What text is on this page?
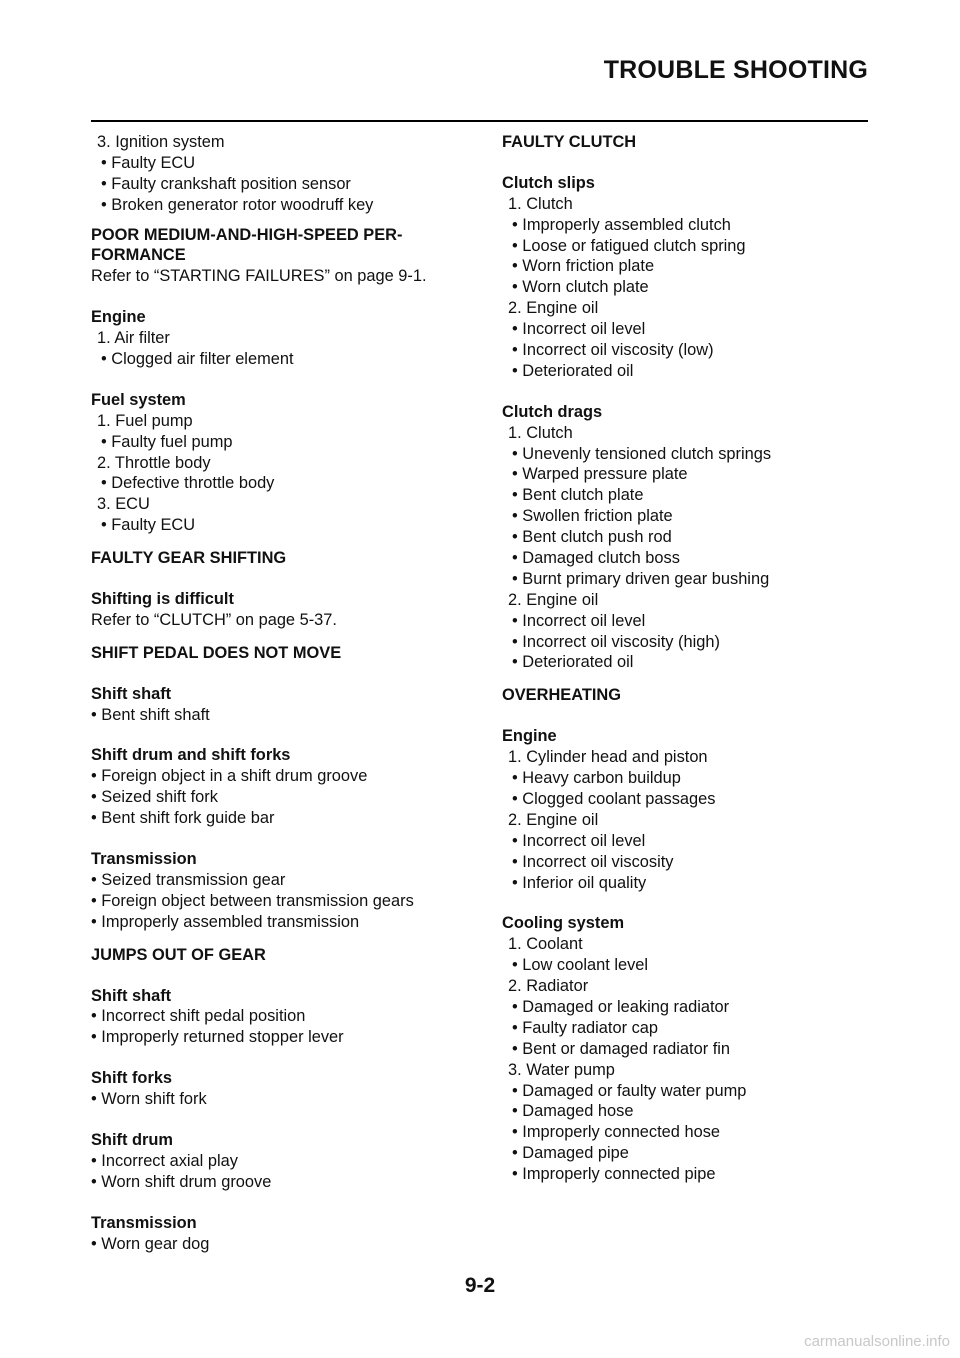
TROUBLE SHOOTING
3. Ignition system
• Faulty ECU
• Faulty crankshaft position sensor
• Broken generator rotor woodruff key
POOR MEDIUM-AND-HIGH-SPEED PER-
FORMANCE
Refer to “STARTING FAILURES” on page 9-1.
Engine
1. Air filter
• Clogged air filter element
Fuel system
1. Fuel pump
• Faulty fuel pump
2. Throttle body
• Defective throttle body
3. ECU
• Faulty ECU
FAULTY GEAR SHIFTING
Shifting is difficult
Refer to “CLUTCH” on page 5-37.
SHIFT PEDAL DOES NOT MOVE
Shift shaft
• Bent shift shaft
Shift drum and shift forks
• Foreign object in a shift drum groove
• Seized shift fork
• Bent shift fork guide bar
Transmission
• Seized transmission gear
• Foreign object between transmission gears
• Improperly assembled transmission
JUMPS OUT OF GEAR
Shift shaft
• Incorrect shift pedal position
• Improperly returned stopper lever
Shift forks
• Worn shift fork
Shift drum
• Incorrect axial play
• Worn shift drum groove
Transmission
• Worn gear dog
FAULTY CLUTCH
Clutch slips
1. Clutch
• Improperly assembled clutch
• Loose or fatigued clutch spring
• Worn friction plate
• Worn clutch plate
2. Engine oil
• Incorrect oil level
• Incorrect oil viscosity (low)
• Deteriorated oil
Clutch drags
1. Clutch
• Unevenly tensioned clutch springs
• Warped pressure plate
• Bent clutch plate
• Swollen friction plate
• Bent clutch push rod
• Damaged clutch boss
• Burnt primary driven gear bushing
2. Engine oil
• Incorrect oil level
• Incorrect oil viscosity (high)
• Deteriorated oil
OVERHEATING
Engine
1. Cylinder head and piston
• Heavy carbon buildup
• Clogged coolant passages
2. Engine oil
• Incorrect oil level
• Incorrect oil viscosity
• Inferior oil quality
Cooling system
1. Coolant
• Low coolant level
2. Radiator
• Damaged or leaking radiator
• Faulty radiator cap
• Bent or damaged radiator fin
3. Water pump
• Damaged or faulty water pump
• Damaged hose
• Improperly connected hose
• Damaged pipe
• Improperly connected pipe
9-2
carmanualsonline.info
